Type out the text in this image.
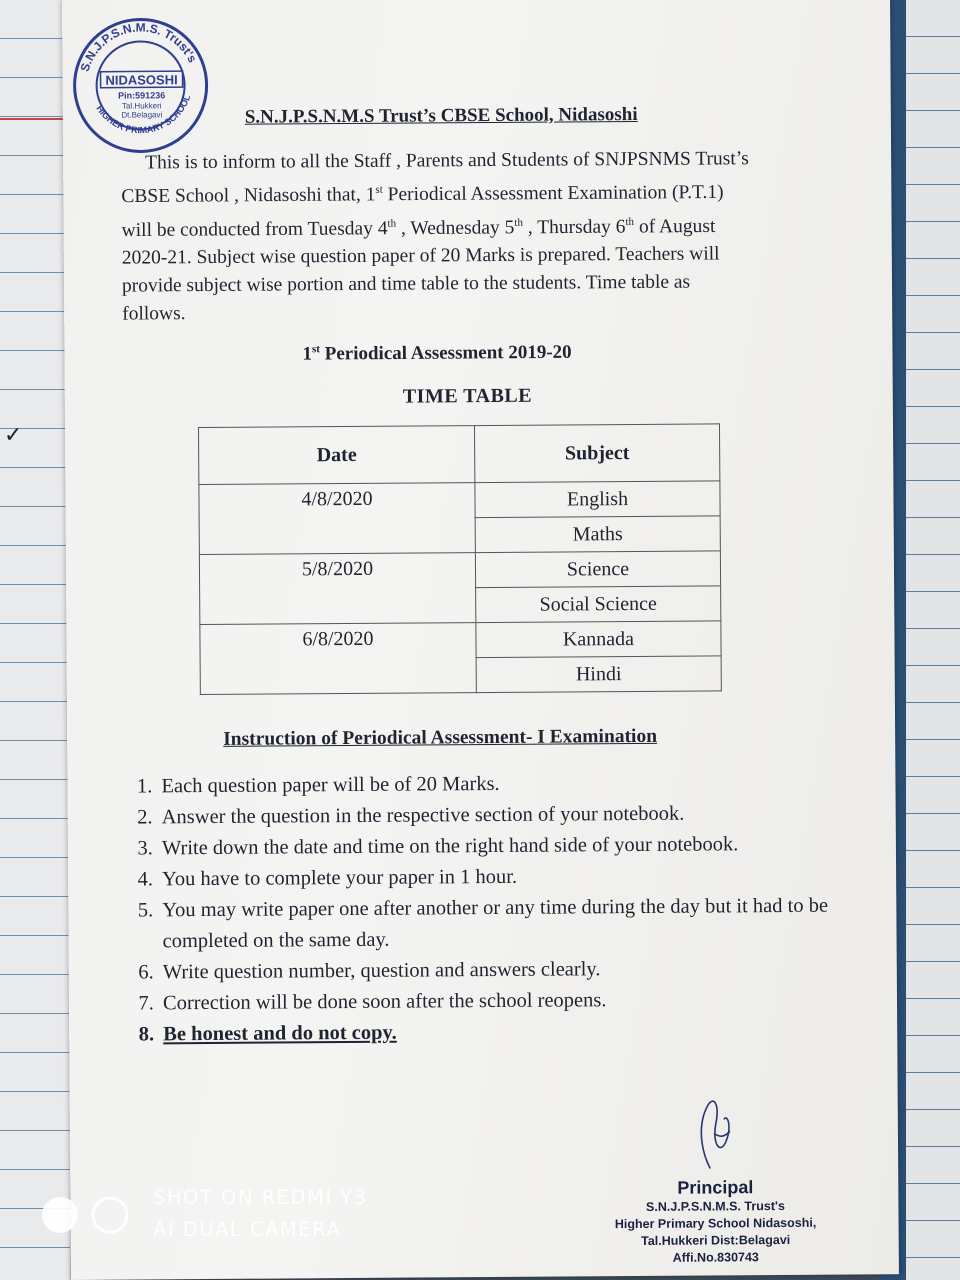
✓
S.N.J.P.S.N.M.S. Trust's
HIGHER PRIMARY SCHOOL
NIDASOSHI
Pin:591236
Tal.Hukkeri
Dt.Belagavi	S.N.J.P.S.N.M.S Trust’s CBSE School, Nidasoshi

This is to inform to all the Staff , Parents and Students of SNJPSNMS Trust’s

CBSE School , Nidasoshi that, 1st Periodical Assessment Examination (P.T.1)

will be conducted from Tuesday 4th , Wednesday 5th , Thursday 6th of August

2020-21. Subject wise question paper of 20 Marks is prepared. Teachers will

provide subject wise portion and time table to the students. Time table as

follows.

1st Periodical Assessment 2019-20
TIME TABLE
Date	Subject
4/8/2020	English
	Maths
5/8/2020	Science
	Social Science
6/8/2020	Kannada
	Hindi
Instruction of Periodical Assessment- I Examination
1. Each question paper will be of 20 Marks.
2. Answer the question in the respective section of your notebook.
3. Write down the date and time on the right hand side of your notebook.
4. You have to complete your paper in 1 hour.
5. You may write paper one after another or any time during the day but it had to be completed on the same day.
6. Write question number, question and answers clearly.
7. Correction will be done soon after the school reopens.
8. Be honest and do not copy.
Principal
S.N.J.P.S.N.M.S. Trust's
Higher Primary School Nidasoshi,
Tal.Hukkeri Dist:Belagavi
Affi.No.830743
SHOT ON REDMI Y3
AI DUAL CAMERA
